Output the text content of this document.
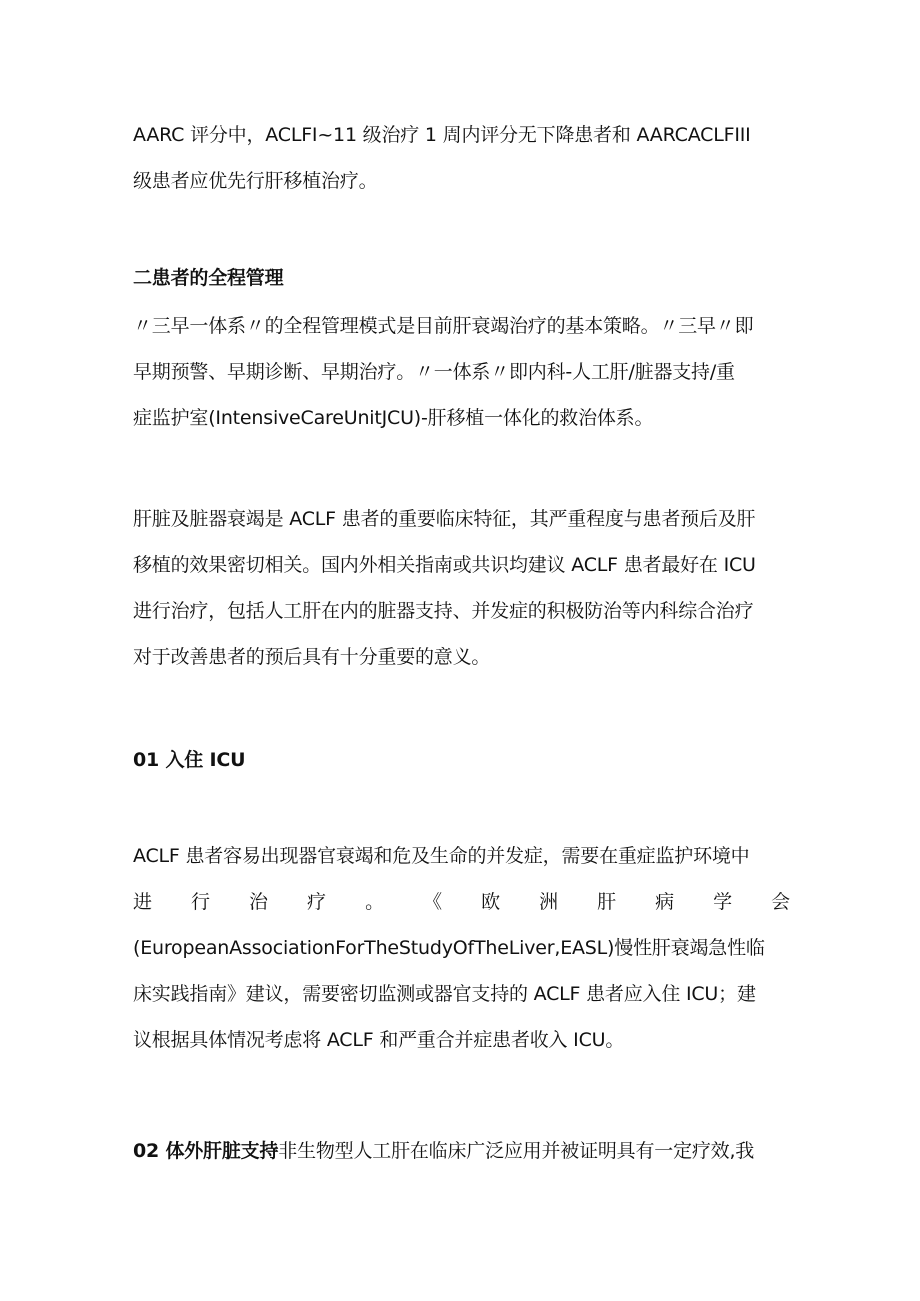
AARC 评分中，ACLFI~11 级治疗 1 周内评分无下降患者和 AARCACLFIII
级患者应优先行肝移植治疗。
二患者的全程管理
〃三早一体系〃的全程管理模式是目前肝衰竭治疗的基本策略。〃三早〃即
早期预警、早期诊断、早期治疗。〃一体系〃即内科-人工肝/脏器支持/重
症监护室(IntensiveCareUnitJCU)-肝移植一体化的救治体系。
肝脏及脏器衰竭是 ACLF 患者的重要临床特征，其严重程度与患者预后及肝
移植的效果密切相关。国内外相关指南或共识均建议 ACLF 患者最好在 ICU
进行治疗，包括人工肝在内的脏器支持、并发症的积极防治等内科综合治疗
对于改善患者的预后具有十分重要的意义。
01 入住 ICU
ACLF 患者容易出现器官衰竭和危及生命的并发症，需要在重症监护环境中
进 行 治 疗 。 《 欧 洲 肝 病 学 会
(EuropeanAssociationForTheStudyOfTheLiver,EASL)慢性肝衰竭急性临
床实践指南》建议，需要密切监测或器官支持的 ACLF 患者应入住 ICU；建
议根据具体情况考虑将 ACLF 和严重合并症患者收入 ICU。
02 体外肝脏支持非生物型人工肝在临床广泛应用并被证明具有一定疗效,我
